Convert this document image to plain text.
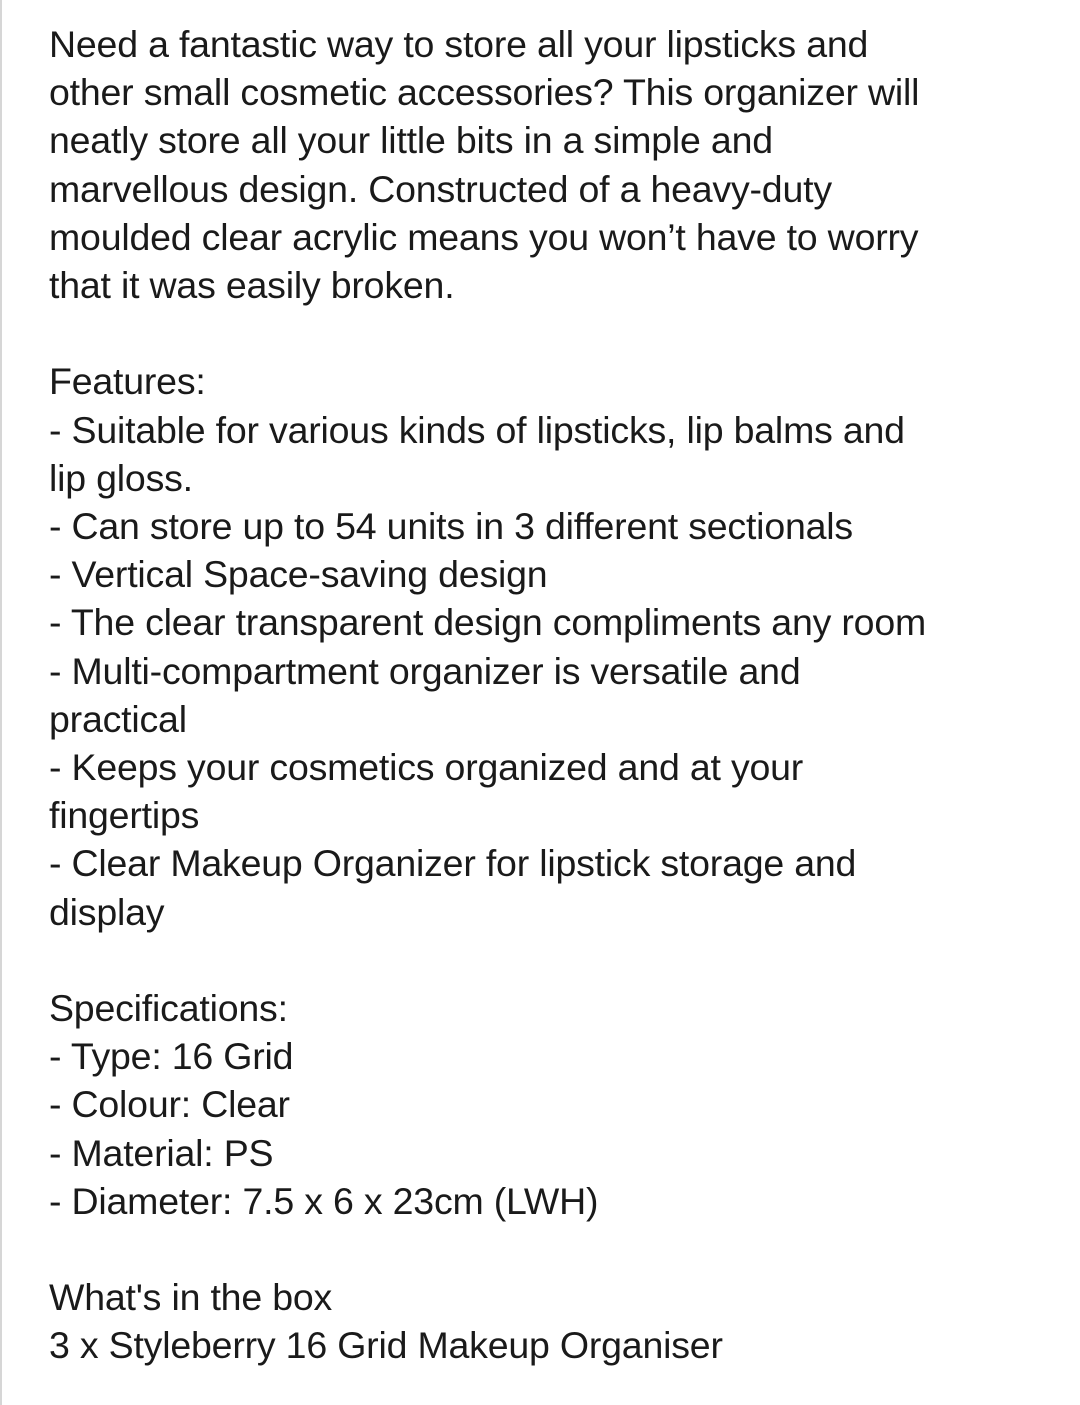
Need a fantastic way to store all your lipsticks and
other small cosmetic accessories? This organizer will
neatly store all your little bits in a simple and
marvellous design. Constructed of a heavy-duty
moulded clear acrylic means you won’t have to worry
that it was easily broken.
Features:
- Suitable for various kinds of lipsticks, lip balms and
lip gloss.
- Can store up to 54 units in 3 different sectionals
- Vertical Space-saving design
- The clear transparent design compliments any room
- Multi-compartment organizer is versatile and
practical
- Keeps your cosmetics organized and at your
fingertips
- Clear Makeup Organizer for lipstick storage and
display
Specifications:
- Type: 16 Grid
- Colour: Clear
- Material: PS
- Diameter: 7.5 x 6 x 23cm (LWH)
What's in the box
3 x Styleberry 16 Grid Makeup Organiser
